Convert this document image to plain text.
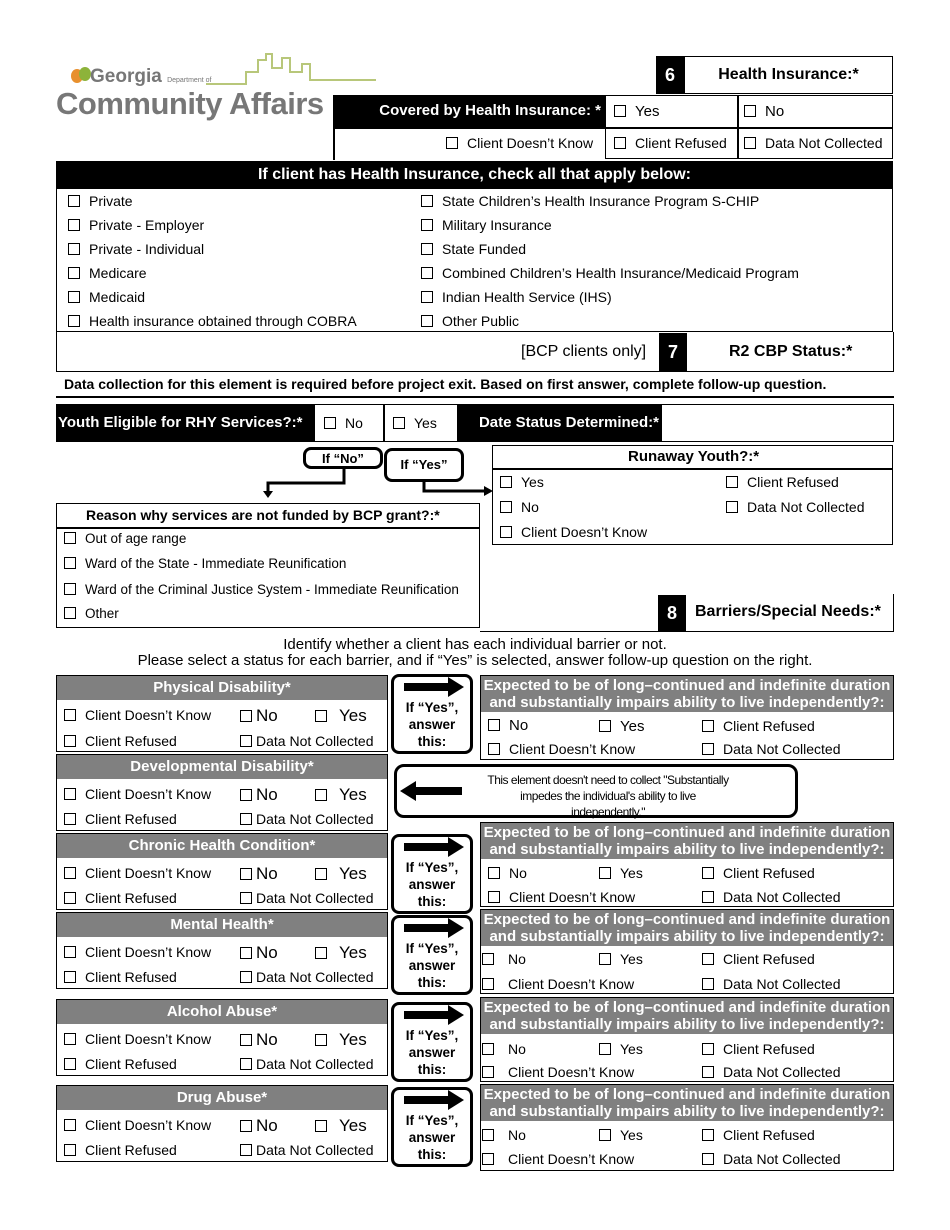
Georgia Department of
Community Affairs
6	Health Insurance:*
Covered by Health Insurance: *	Yes	No
Client Doesn’t Know	Client Refused	Data Not Collected
If client has Health Insurance, check all that apply below:
Private
Private - Employer
Private - Individual
Medicare
Medicaid
Health insurance obtained through COBRA
State Children’s Health Insurance Program S-CHIP
Military Insurance
State Funded
Combined Children’s Health Insurance/Medicaid Program
Indian Health Service (IHS)
Other Public
[BCP clients only]	7	R2 CBP Status:*
Data collection for this element is required before project exit. Based on first answer, complete follow-up question.
Youth Eligible for RHY Services?:*	No	Yes	Date Status Determined:*
If “No”	If “Yes”	Runaway Youth?:*
Yes
No
Client Doesn’t Know
Client Refused
Data Not Collected
Reason why services are not funded by BCP grant?:*
Out of age range
Ward of the State - Immediate Reunification
Ward of the Criminal Justice System - Immediate Reunification
Other	8	Barriers/Special Needs:*
Identify whether a client has each individual barrier or not.
Please select a status for each barrier, and if “Yes” is selected, answer follow-up question on the right.
Physical Disability*
Client Doesn’t Know	No	Yes
Client Refused	Data Not Collected
If “Yes”, answer this:
Expected to be of long–continued and indefinite duration and substantially impairs ability to live independently?:
No	Yes	Client Refused
Client Doesn’t Know	Data Not Collected
Developmental Disability*
Client Doesn’t Know	No	Yes
Client Refused	Data Not Collected
This element doesn't need to collect "Substantially impedes the individual's ability to live independently."
Chronic Health Condition*
Client Doesn’t Know	No	Yes
Client Refused	Data Not Collected
If “Yes”, answer this:
Expected to be of long–continued and indefinite duration and substantially impairs ability to live independently?:
No	Yes	Client Refused
Client Doesn’t Know	Data Not Collected
Mental Health*
Client Doesn’t Know	No	Yes
Client Refused	Data Not Collected
If “Yes”, answer this:
Expected to be of long–continued and indefinite duration and substantially impairs ability to live independently?:
No	Yes	Client Refused
Client Doesn’t Know	Data Not Collected
Alcohol Abuse*
Client Doesn’t Know	No	Yes
Client Refused	Data Not Collected
If “Yes”, answer this:
Expected to be of long–continued and indefinite duration and substantially impairs ability to live independently?:
No	Yes	Client Refused
Client Doesn’t Know	Data Not Collected
Drug Abuse*
Client Doesn’t Know	No	Yes
Client Refused	Data Not Collected
If “Yes”, answer this:
Expected to be of long–continued and indefinite duration and substantially impairs ability to live independently?:
No	Yes	Client Refused
Client Doesn’t Know	Data Not Collected
